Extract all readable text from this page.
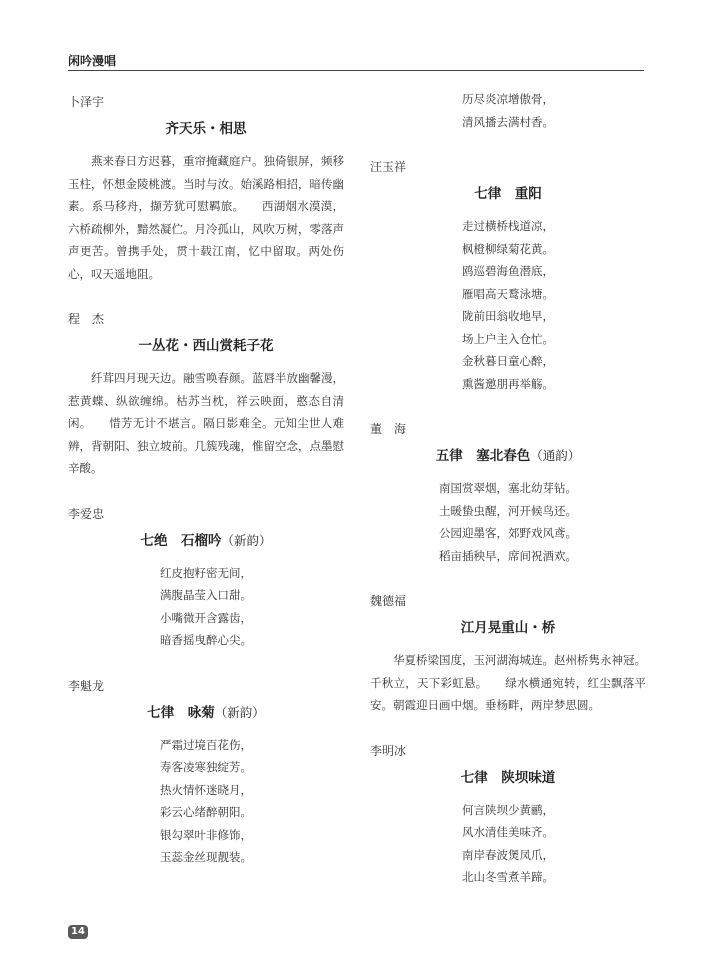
闲吟漫唱
卜泽宇
齐天乐・相思

燕来春日方迟暮，重帘掩藏庭户。独倚银屏，频移玉柱，怀想金陵桃渡。当时与汝。始溪路相招，暗传幽素。系马移舟，撷芳犹可慰羁旅。　　西湖烟水漠漠，六桥疏柳外，黯然凝伫。月冷孤山，风吹万树，零落声声更苦。曾携手处，贯十载江南，忆中留取。两处伤心，叹天遥地阻。

程杰
一丛花・西山赏耗子花

纤茸四月现天边。融雪唤春颜。蓝唇半放幽馨漫，惹黄蝶、纵欲缠绵。枯苏当枕，祥云映面，憨态自清闲。　　惜芳无计不堪言。隔日影难全。元知尘世人难辨，背朝阳、独立坡前。几簇残魂，惟留空念，点墨慰辛酸。

李爱忠
七绝　石榴吟（新韵）
红皮抱籽密无间，
满腹晶莹入口甜。
小嘴微开含露齿，
暗香摇曳醉心尖。
李魁龙
七律　咏菊（新韵）
严霜过境百花伤，
寿客凌寒独绽芳。
热火情怀迷晓月，
彩云心绪醉朝阳。
银勾翠叶非修饰，
玉蕊金丝现靓装。
历尽炎凉增傲骨，
清风播去满村香。
汪玉祥
七律　重阳
走过横桥栈道凉，
枫橙柳绿菊花黄。
鸥巡碧海鱼潜底，
雁唱高天鹜泳塘。
陇前田翁收地早，
场上户主入仓忙。
金秋暮日童心醉，
熏酱邀朋再举觞。
董海
五律　塞北春色（通韵）
南国赏翠烟，塞北幼芽钻。
土暖蛰虫醒，河开候鸟还。
公园迎墨客，郊野戏风鸢。
稻亩插秧早，席间祝酒欢。
魏德福
江月晃重山・桥

华夏桥梁国度，玉河湖海城连。赵州桥隽永神冠。千秋立，天下彩虹悬。　　绿水横通宛转，红尘飘落平安。朝霞迎日画中烟。垂杨畔，两岸梦思圆。

李明冰
七律　陕坝味道
何言陕坝少黄鹂，
风水清佳美味齐。
南岸春波煲凤爪，
北山冬雪煮羊蹄。
14
